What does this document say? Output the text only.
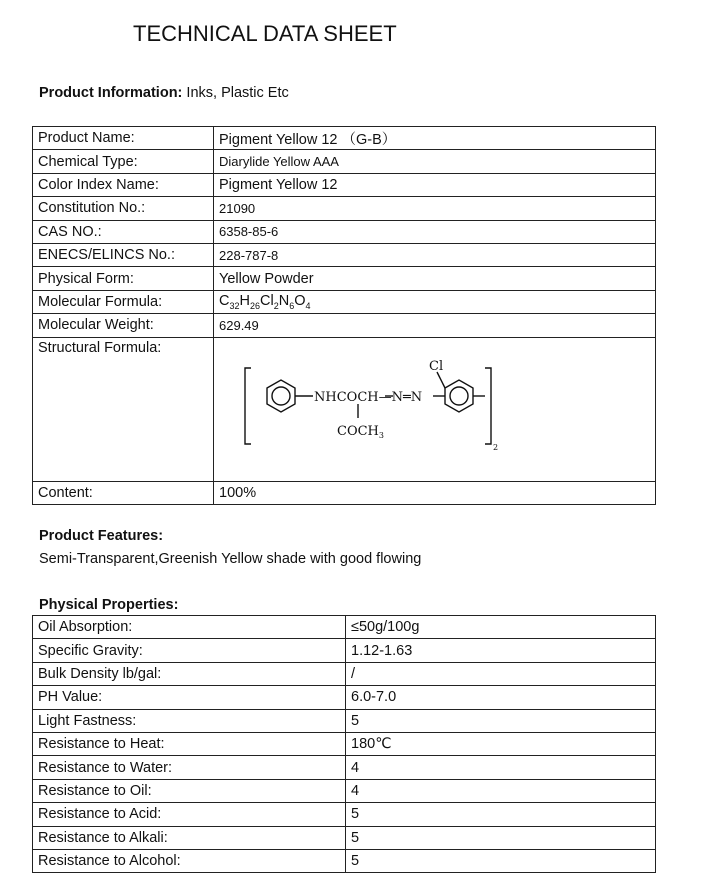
TECHNICAL DATA SHEET
Product Information: Inks, Plastic Etc
Product Name:	Pigment Yellow 12 （G-B）
Chemical Type:	Diarylide Yellow AAA
Color Index Name:	Pigment Yellow 12
Constitution No.:	21090
CAS NO.:	6358-85-6
ENECS/ELINCS No.:	228-787-8
Physical Form:	Yellow Powder
Molecular Formula:	$C_{32}H_{26}Cl_2N_6O_4$
Molecular Weight:	629.49
Structural Formula:	Cl
NHCOCH—N═N
$COCH_3$
2

Content:	100%
Product Features:
Semi-Transparent,Greenish Yellow shade with good flowing
Physical Properties:
Oil Absorption:	≤50g/100g
Specific Gravity:	1.12-1.63
Bulk Density lb/gal:	/
PH Value:	6.0-7.0
Light Fastness:	5
Resistance to Heat:	180℃
Resistance to Water:	4
Resistance to Oil:	4
Resistance to Acid:	5
Resistance to Alkali:	5
Resistance to Alcohol:	5
